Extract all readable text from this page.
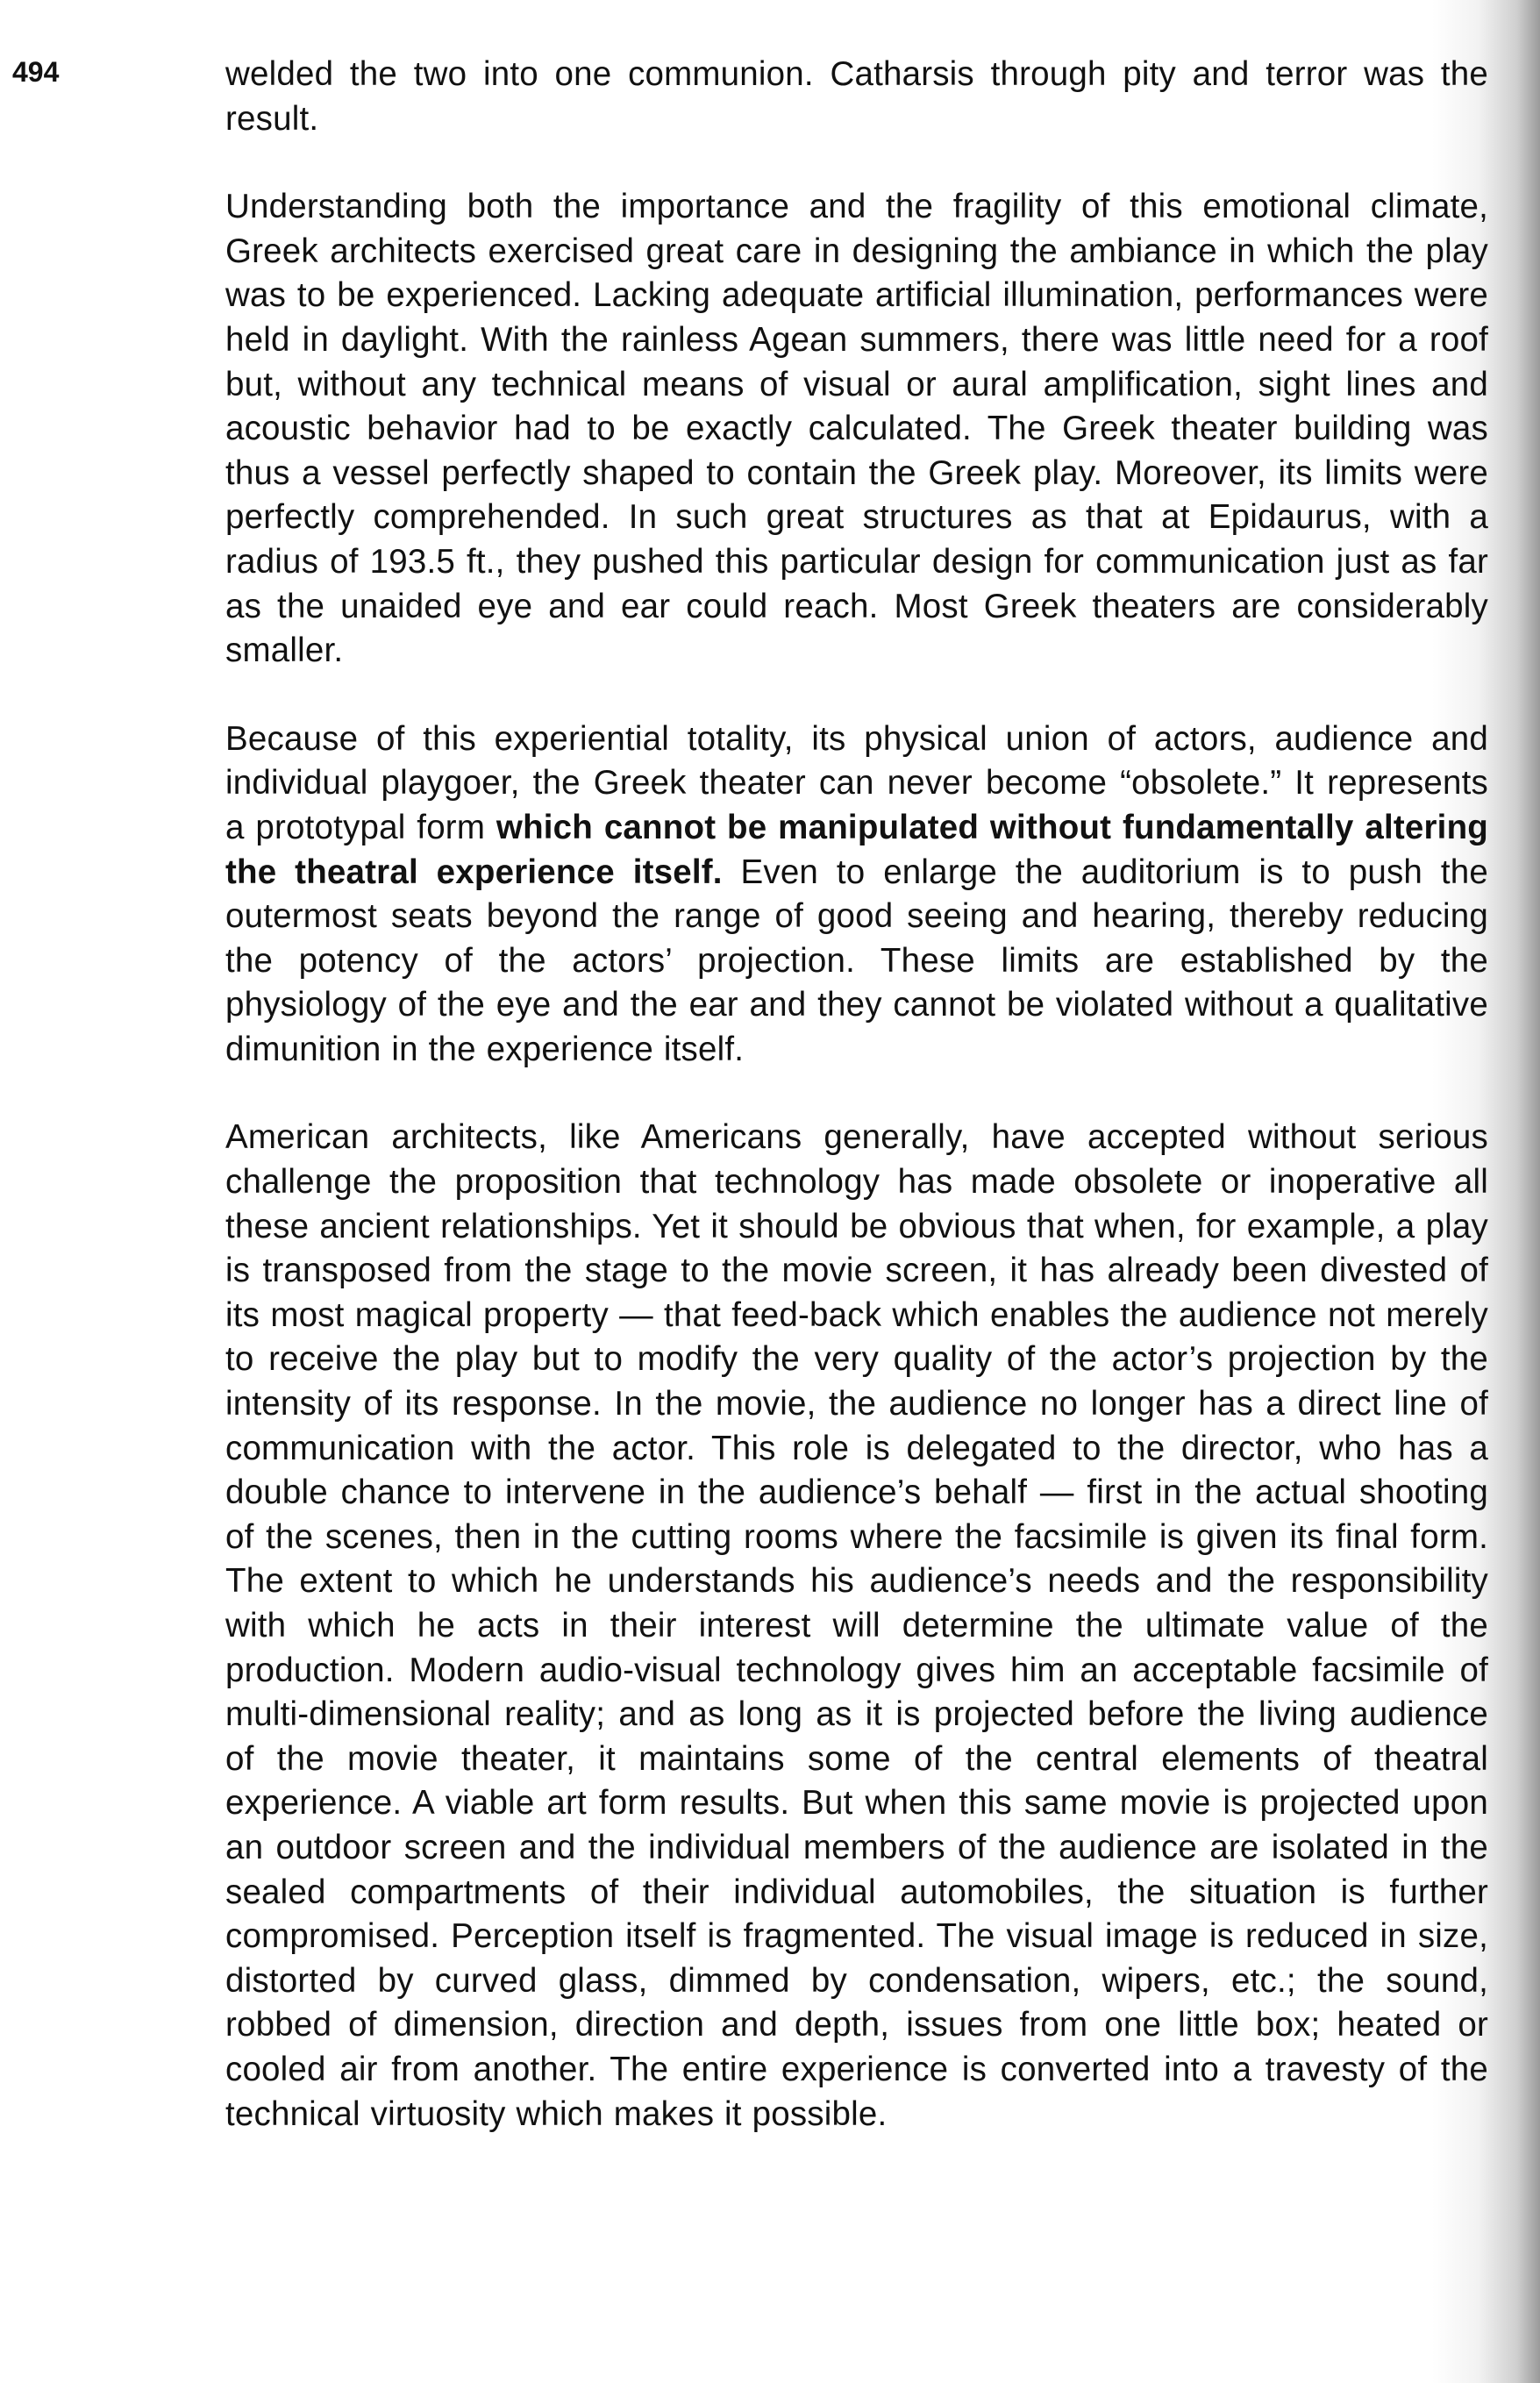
494	welded the two into one communion. Catharsis through pity and terror was the result.

Understanding both the importance and the fragility of this emotional climate, Greek architects exercised great care in designing the ambiance in which the play was to be experienced. Lacking adequate artificial illumination, performances were held in daylight. With the rainless Agean summers, there was little need for a roof but, without any technical means of visual or aural amplification, sight lines and acoustic behavior had to be exactly calculated. The Greek theater building was thus a vessel perfectly shaped to contain the Greek play. Moreover, its limits were perfectly comprehended. In such great structures as that at Epidaurus, with a radius of 193.5 ft., they pushed this particular design for communication just as far as the unaided eye and ear could reach. Most Greek theaters are considerably smaller.

Because of this experiential totality, its physical union of actors, audience and individual playgoer, the Greek theater can never become “obsolete.” It represents a prototypal form which cannot be manipulated without fundamentally altering the theatral experience itself. Even to enlarge the auditorium is to push the outermost seats beyond the range of good seeing and hearing, thereby reducing the potency of the actors’ projection. These limits are established by the physiology of the eye and the ear and they cannot be violated without a qualitative dimunition in the experience itself.

American architects, like Americans generally, have accepted without serious challenge the proposition that technology has made obsolete or inoperative all these ancient relationships. Yet it should be obvious that when, for example, a play is transposed from the stage to the movie screen, it has already been divested of its most magical property — that feed-back which enables the audience not merely to receive the play but to modify the very quality of the actor’s projection by the intensity of its response. In the movie, the audience no longer has a direct line of communication with the actor. This role is delegated to the director, who has a double chance to intervene in the audience’s behalf — first in the actual shooting of the scenes, then in the cutting rooms where the facsimile is given its final form. The extent to which he understands his audience’s needs and the responsibility with which he acts in their interest will determine the ultimate value of the production. Modern audio-visual technology gives him an acceptable facsimile of multi-dimensional reality; and as long as it is projected before the living audience of the movie theater, it maintains some of the central elements of theatral experience. A viable art form results. But when this same movie is projected upon an outdoor screen and the individual members of the audience are isolated in the sealed compartments of their individual automobiles, the situation is further compromised. Perception itself is fragmented. The visual image is reduced in size, distorted by curved glass, dimmed by condensation, wipers, etc.; the sound, robbed of dimension, direction and depth, issues from one little box; heated or cooled air from another. The entire experience is converted into a travesty of the technical virtuosity which makes it possible.
